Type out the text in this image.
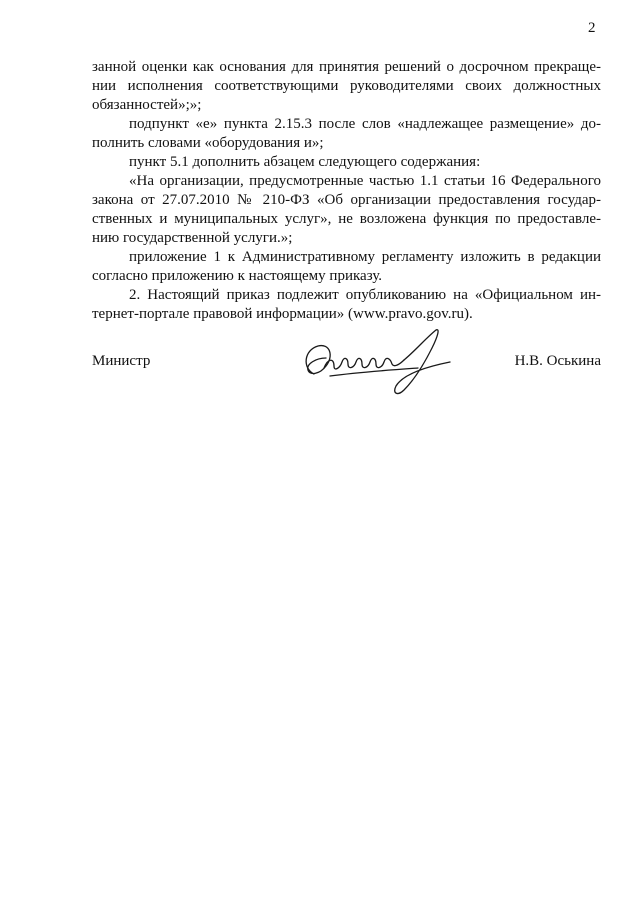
2
занной оценки как основания для принятия решений о досрочном прекраще-
нии исполнения соответствующими руководителями своих должностных
обязанностей»;»;
подпункт «е» пункта 2.15.3 после слов «надлежащее размещение» до-
полнить словами «оборудования и»;
пункт 5.1 дополнить абзацем следующего содержания:
«На организации, предусмотренные частью 1.1 статьи 16 Федерального
закона от 27.07.2010 № 210-ФЗ «Об организации предоставления государ-
ственных и муниципальных услуг», не возложена функция по предоставле-
нию государственной услуги.»;
приложение 1 к Административному регламенту изложить в редакции
согласно приложению к настоящему приказу.
2. Настоящий приказ подлежит опубликованию на «Официальном ин-
тернет-портале правовой информации» (www.pravo.gov.ru).
Министр	Н.В. Оськина
